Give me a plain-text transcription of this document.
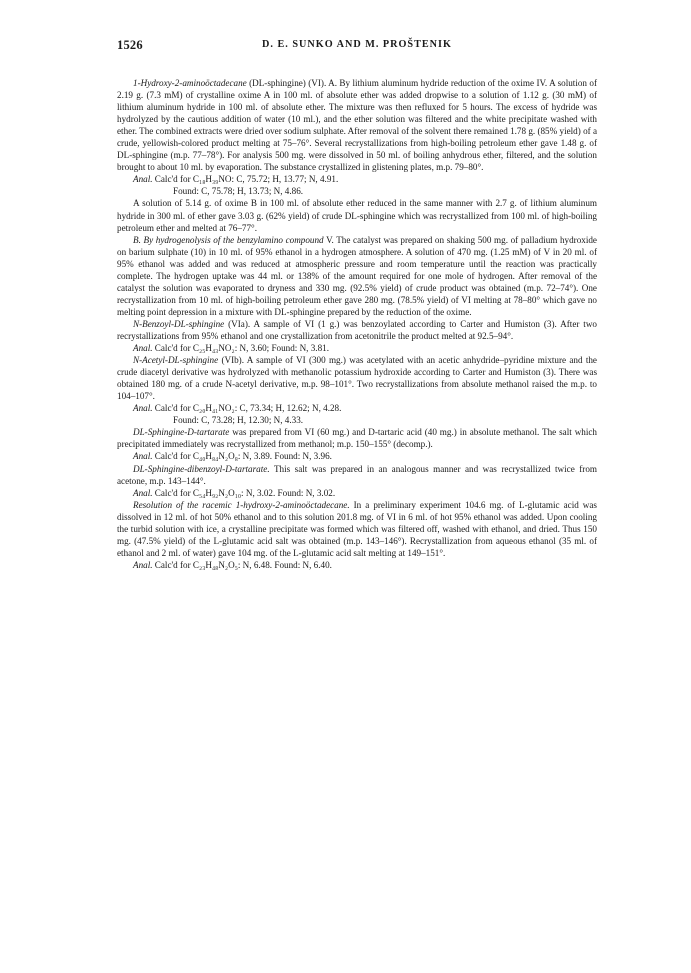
1526	D. E. SUNKO AND M. PROŠTENIK

1-Hydroxy-2-aminoöctadecane (DL-sphingine) (VI). A. By lithium aluminum hydride reduction of the oxime IV. A solution of 2.19 g. (7.3 mM) of crystalline oxime A in 100 ml. of absolute ether was added dropwise to a solution of 1.12 g. (30 mM) of lithium aluminum hydride in 100 ml. of absolute ether. The mixture was then refluxed for 5 hours. The excess of hydride was hydrolyzed by the cautious addition of water (10 ml.), and the ether solution was filtered and the white precipitate washed with ether. The combined extracts were dried over sodium sulphate. After removal of the solvent there remained 1.78 g. (85% yield) of a crude, yellowish-colored product melting at 75–76°. Several recrystallizations from high-boiling petroleum ether gave 1.48 g. of DL-sphingine (m.p. 77–78°). For analysis 500 mg. were dissolved in 50 ml. of boiling anhydrous ether, filtered, and the solution brought to about 10 ml. by evaporation. The substance crystallized in glistening plates, m.p. 79–80°.

Anal. Calc'd for C₁₈H₃₉NO: C, 75.72; H, 13.77; N, 4.91.

Found: C, 75.78; H, 13.73; N, 4.86.

A solution of 5.14 g. of oxime B in 100 ml. of absolute ether reduced in the same manner with 2.7 g. of lithium aluminum hydride in 300 ml. of ether gave 3.03 g. (62% yield) of crude DL-sphingine which was recrystallized from 100 ml. of high-boiling petroleum ether and melted at 76–77°.

B. By hydrogenolysis of the benzylamino compound V. The catalyst was prepared on shaking 500 mg. of palladium hydroxide on barium sulphate (10) in 10 ml. of 95% ethanol in a hydrogen atmosphere. A solution of 470 mg. (1.25 mM) of V in 20 ml. of 95% ethanol was added and was reduced at atmospheric pressure and room temperature until the reaction was practically complete. The hydrogen uptake was 44 ml. or 138% of the amount required for one mole of hydrogen. After removal of the catalyst the solution was evaporated to dryness and 330 mg. (92.5% yield) of crude product was obtained (m.p. 72–74°). One recrystallization from 10 ml. of high-boiling petroleum ether gave 280 mg. (78.5% yield) of VI melting at 78–80° which gave no melting point depression in a mixture with DL-sphingine prepared by the reduction of the oxime.

N-Benzoyl-DL-sphingine (VIa). A sample of VI (1 g.) was benzoylated according to Carter and Humiston (3). After two recrystallizations from 95% ethanol and one crystallization from acetonitrile the product melted at 92.5–94°.

Anal. Calc'd for C₂₅H₄₃NO₂: N, 3.60; Found: N, 3.81.

N-Acetyl-DL-sphingine (VIb). A sample of VI (300 mg.) was acetylated with an acetic anhydride–pyridine mixture and the crude diacetyl derivative was hydrolyzed with methanolic potassium hydroxide according to Carter and Humiston (3). There was obtained 180 mg. of a crude N-acetyl derivative, m.p. 98–101°. Two recrystallizations from absolute methanol raised the m.p. to 104–107°.

Anal. Calc'd for C₂₀H₄₁NO₂: C, 73.34; H, 12.62; N, 4.28.

Found: C, 73.28; H, 12.30; N, 4.33.

DL-Sphingine-D-tartarate was prepared from VI (60 mg.) and D-tartaric acid (40 mg.) in absolute methanol. The salt which precipitated immediately was recrystallized from methanol; m.p. 150–155° (decomp.).

Anal. Calc'd for C₄₀H₈₄N₂O₈: N, 3.89. Found: N, 3.96.

DL-Sphingine-dibenzoyl-D-tartarate. This salt was prepared in an analogous manner and was recrystallized twice from acetone, m.p. 143–144°.

Anal. Calc'd for C₅₄H₉₂N₂O₁₀: N, 3.02. Found: N, 3.02.

Resolution of the racemic 1-hydroxy-2-aminoöctadecane. In a preliminary experiment 104.6 mg. of L-glutamic acid was dissolved in 12 ml. of hot 50% ethanol and to this solution 201.8 mg. of VI in 6 ml. of hot 95% ethanol was added. Upon cooling the turbid solution with ice, a crystalline precipitate was formed which was filtered off, washed with ethanol, and dried. Thus 150 mg. (47.5% yield) of the L-glutamic acid salt was obtained (m.p. 143–146°). Recrystallization from aqueous ethanol (35 ml. of ethanol and 2 ml. of water) gave 104 mg. of the L-glutamic acid salt melting at 149–151°.

Anal. Calc'd for C₂₃H₄₈N₂O₅: N, 6.48. Found: N, 6.40.
